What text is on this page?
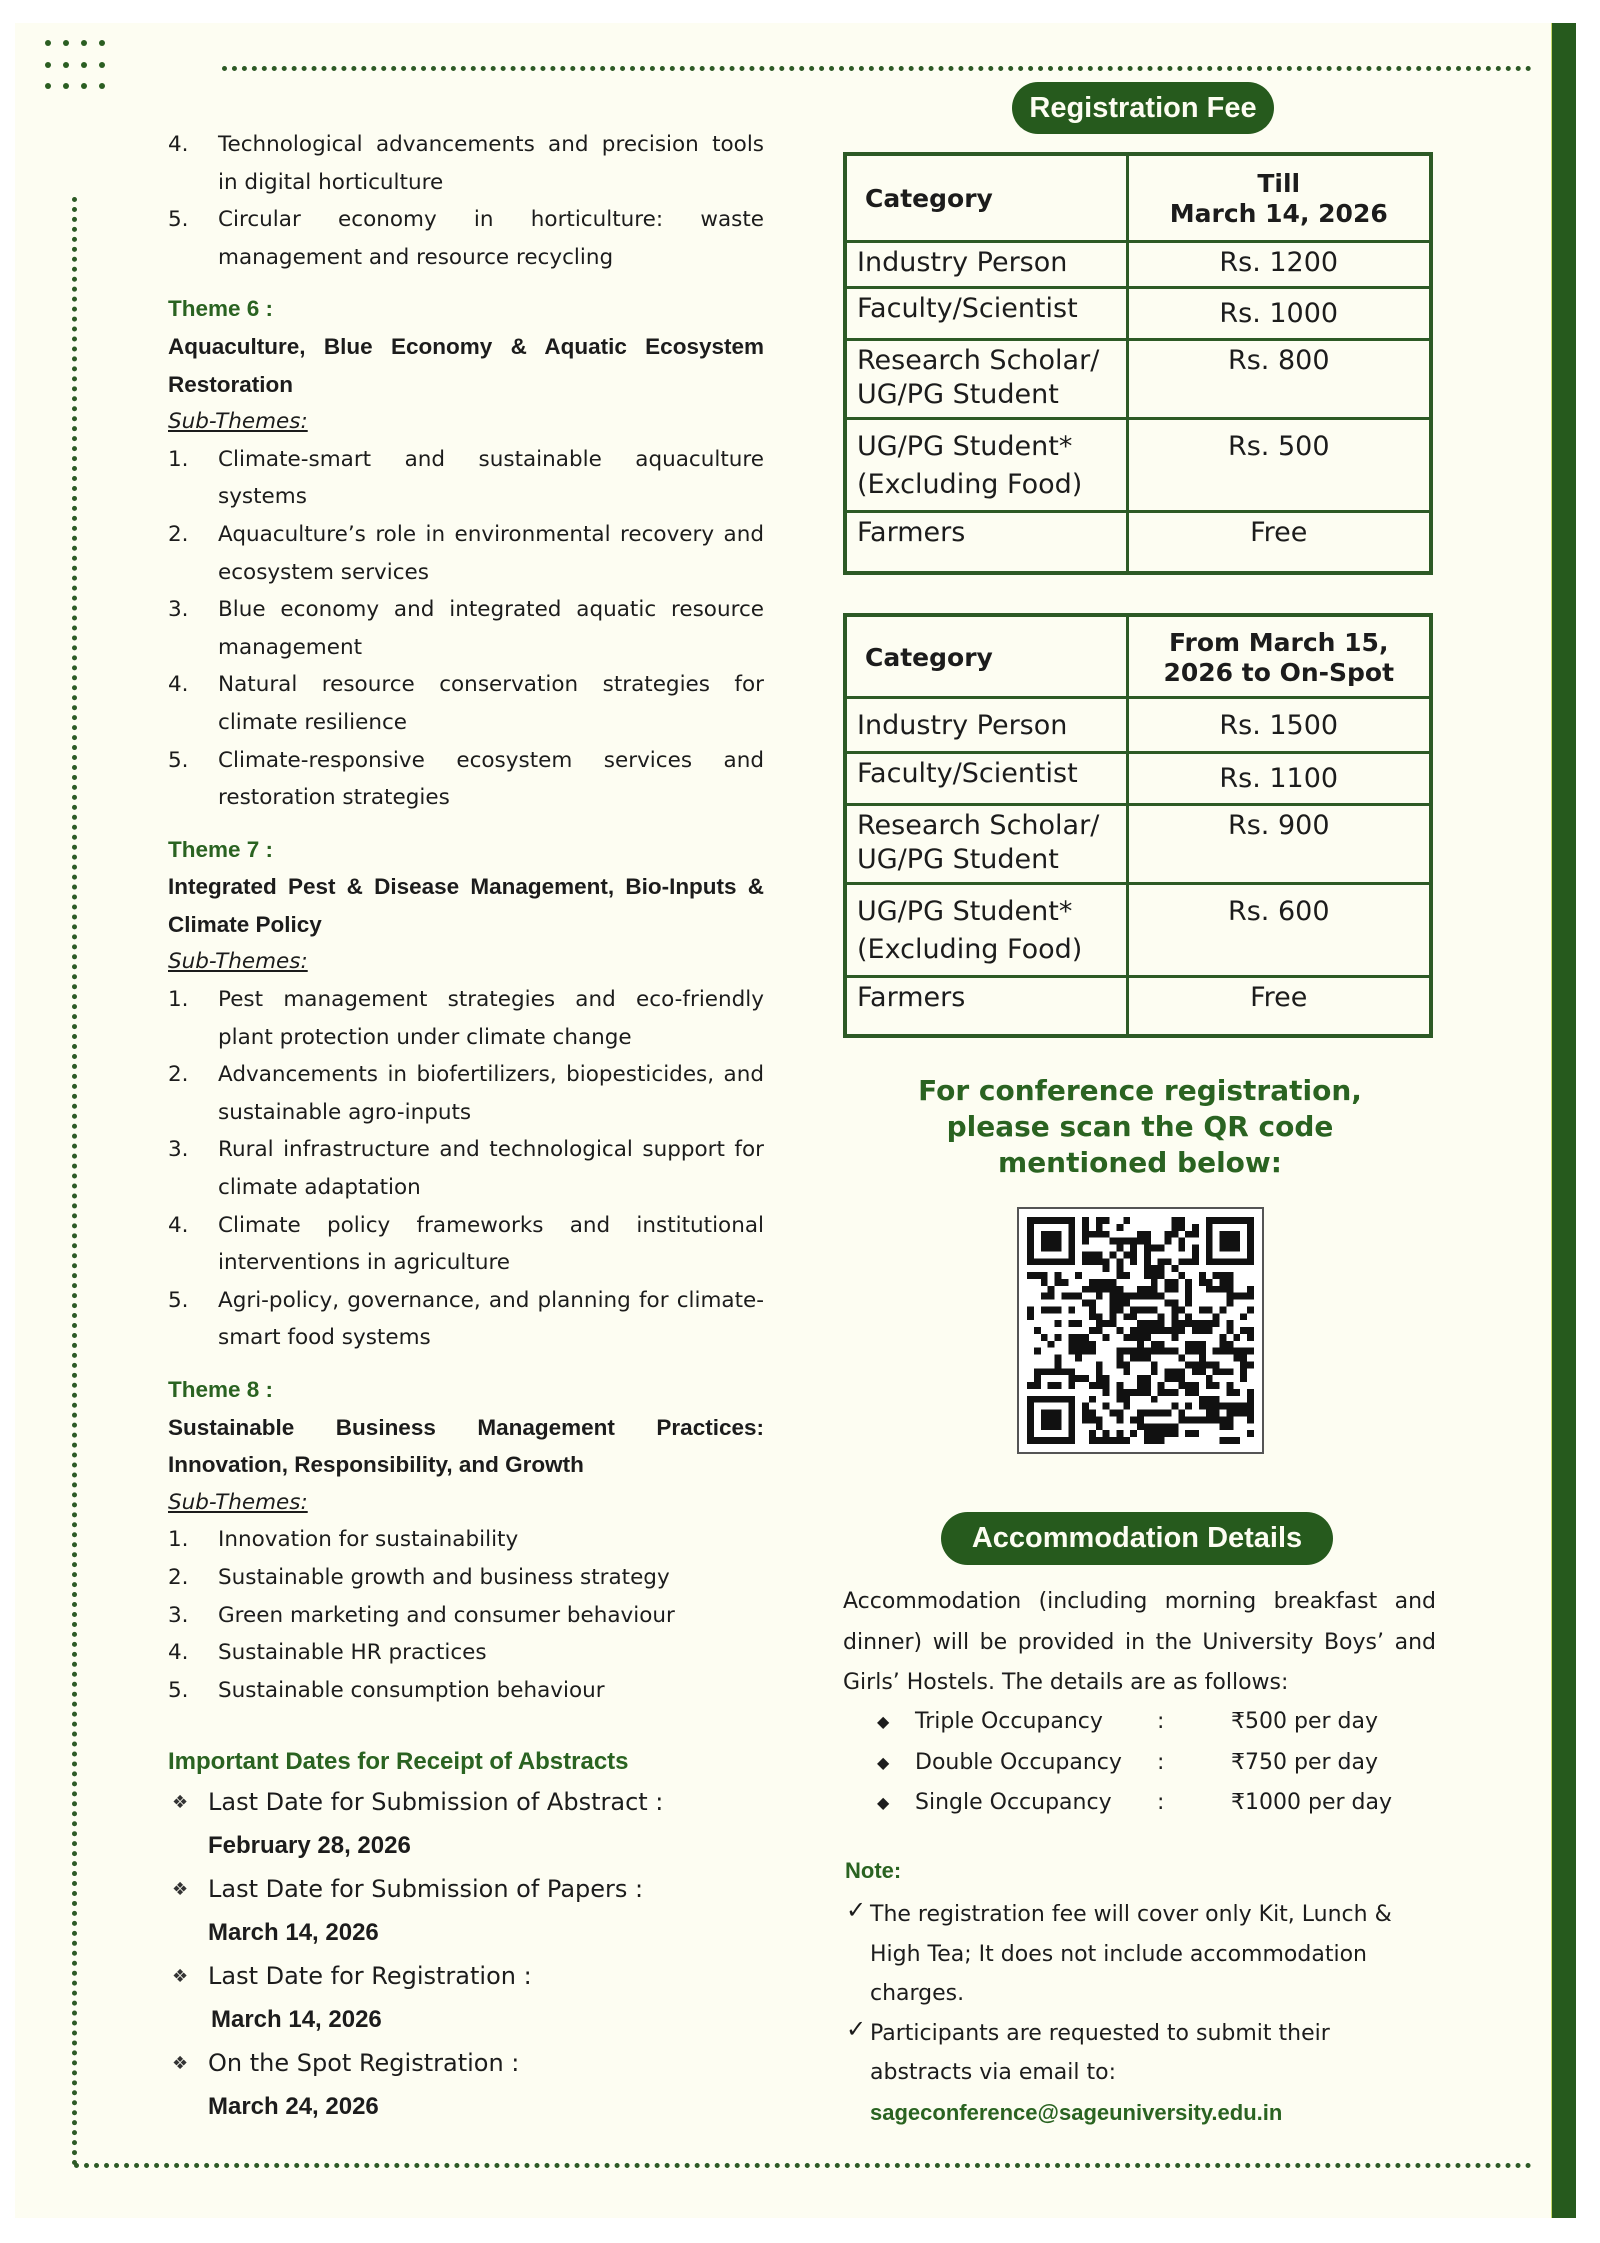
4. Technological advancements and precision tools in digital horticulture
5. Circular economy in horticulture: waste management and resource recycling
Theme 6 :
Aquaculture, Blue Economy & Aquatic Ecosystem Restoration
Sub-Themes:
1. Climate-smart and sustainable aquaculture systems
2. Aquaculture’s role in environmental recovery and ecosystem services
3. Blue economy and integrated aquatic resource management
4. Natural resource conservation strategies for climate resilience
5. Climate-responsive ecosystem services and restoration strategies
Theme 7 :
Integrated Pest & Disease Management, Bio-Inputs & Climate Policy
Sub-Themes:
1. Pest management strategies and eco-friendly plant protection under climate change
2. Advancements in biofertilizers, biopesticides, and sustainable agro-inputs
3. Rural infrastructure and technological support for climate adaptation
4. Climate policy frameworks and institutional interventions in agriculture
5. Agri-policy, governance, and planning for climate-smart food systems
Theme 8 :
Sustainable Business Management Practices: Innovation, Responsibility, and Growth
Sub-Themes:
1. Innovation for sustainability
2. Sustainable growth and business strategy
3. Green marketing and consumer behaviour
4. Sustainable HR practices
5. Sustainable consumption behaviour
Important Dates for Receipt of Abstracts
❖ Last Date for Submission of Abstract :
February 28, 2026
❖ Last Date for Submission of Papers :
March 14, 2026
❖ Last Date for Registration :
March 14, 2026
❖ On the Spot Registration :
March 24, 2026
Registration Fee
Category	Till
March 14, 2026

Industry Person	Rs. 1200

Faculty/Scientist	Rs. 1000

Research Scholar/
UG/PG Student	Rs. 800

UG/PG Student*
(Excluding Food)	Rs. 500

Farmers	Free
Category	From March 15,
2026 to On-Spot

Industry Person	Rs. 1500

Faculty/Scientist	Rs. 1100

Research Scholar/
UG/PG Student	Rs. 900

UG/PG Student*
(Excluding Food)	Rs. 600

Farmers	Free
For conference registration,
please scan the QR code
mentioned below:
Accommodation Details
Accommodation (including morning breakfast and dinner) will be provided in the University Boys’ and Girls’ Hostels. The details are as follows:
◆ Triple Occupancy :	₹500 per day
◆ Double Occupancy :	₹750 per day
◆ Single Occupancy :	₹1000 per day
Note:
✓ The registration fee will cover only Kit, Lunch & High Tea; It does not include accommodation charges.
✓ Participants are requested to submit their abstracts via email to:
sageconference@sageuniversity.edu.in
